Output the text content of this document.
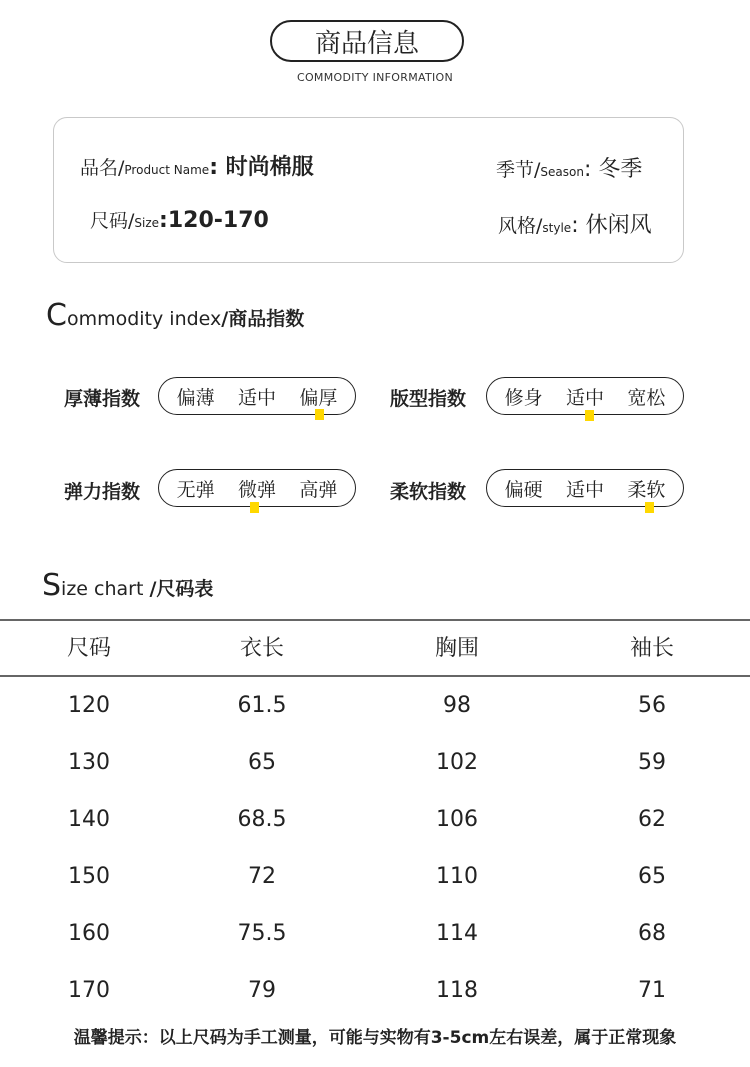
商品信息
COMMODITY INFORMATION
品名/Product Name: 时尚棉服	季节/Season: 冬季
尺码/Size:120-170	风格/style: 休闲风
Commodity index/商品指数
厚薄指数 偏薄 适中 偏厚	版型指数 修身 适中 宽松
弹力指数 无弹 微弹 高弹	柔软指数 偏硬 适中 柔软
Size chart /尺码表
尺码	衣长	胸围	袖长
120	61.5	98	56
130	65	102	59
140	68.5	106	62
150	72	110	65
160	75.5	114	68
170	79	118	71
温馨提示：以上尺码为手工测量，可能与实物有3-5cm左右误差，属于正常现象
